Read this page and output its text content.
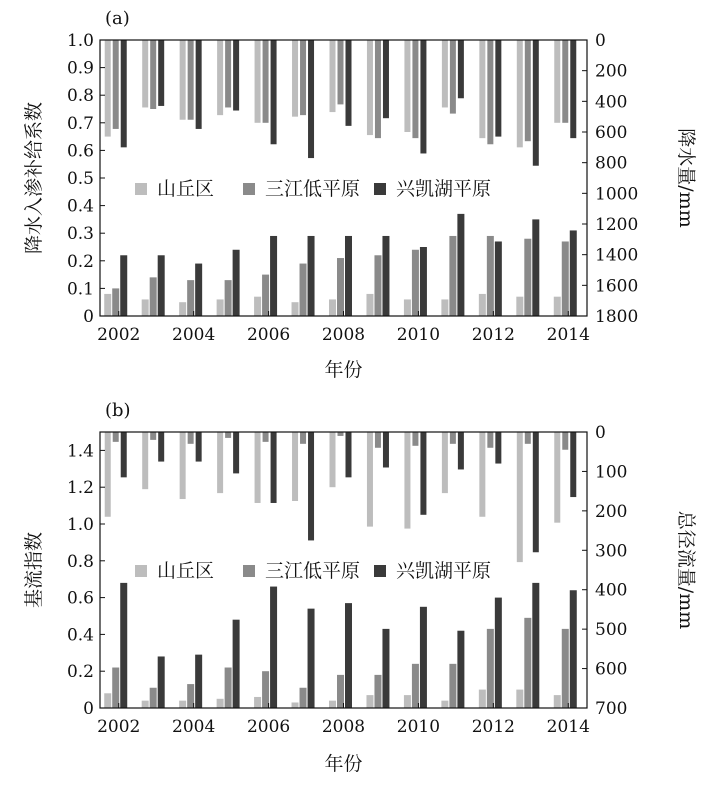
0
0.1
0.2
0.3
0.4
0.5
0.6
0.7
0.8
0.9
1.0	0
200
400
600
800
1000
1200
1400
1600
1800
2002 2004 2006 2008 2010 2012 2014
(a)
年份
降水入渗补给系数	降水量/mm
山丘区	三江低平原 兴凯湖平原
0
0.2
0.4
0.6
0.8
1.0
1.2
1.4
0
100
200
300
400
500
600
700
2002 2004 2006 2008 2010 2012 2014
(b)
年份
基流指数	总径流量/mm
山丘区	三江低平原 兴凯湖平原
